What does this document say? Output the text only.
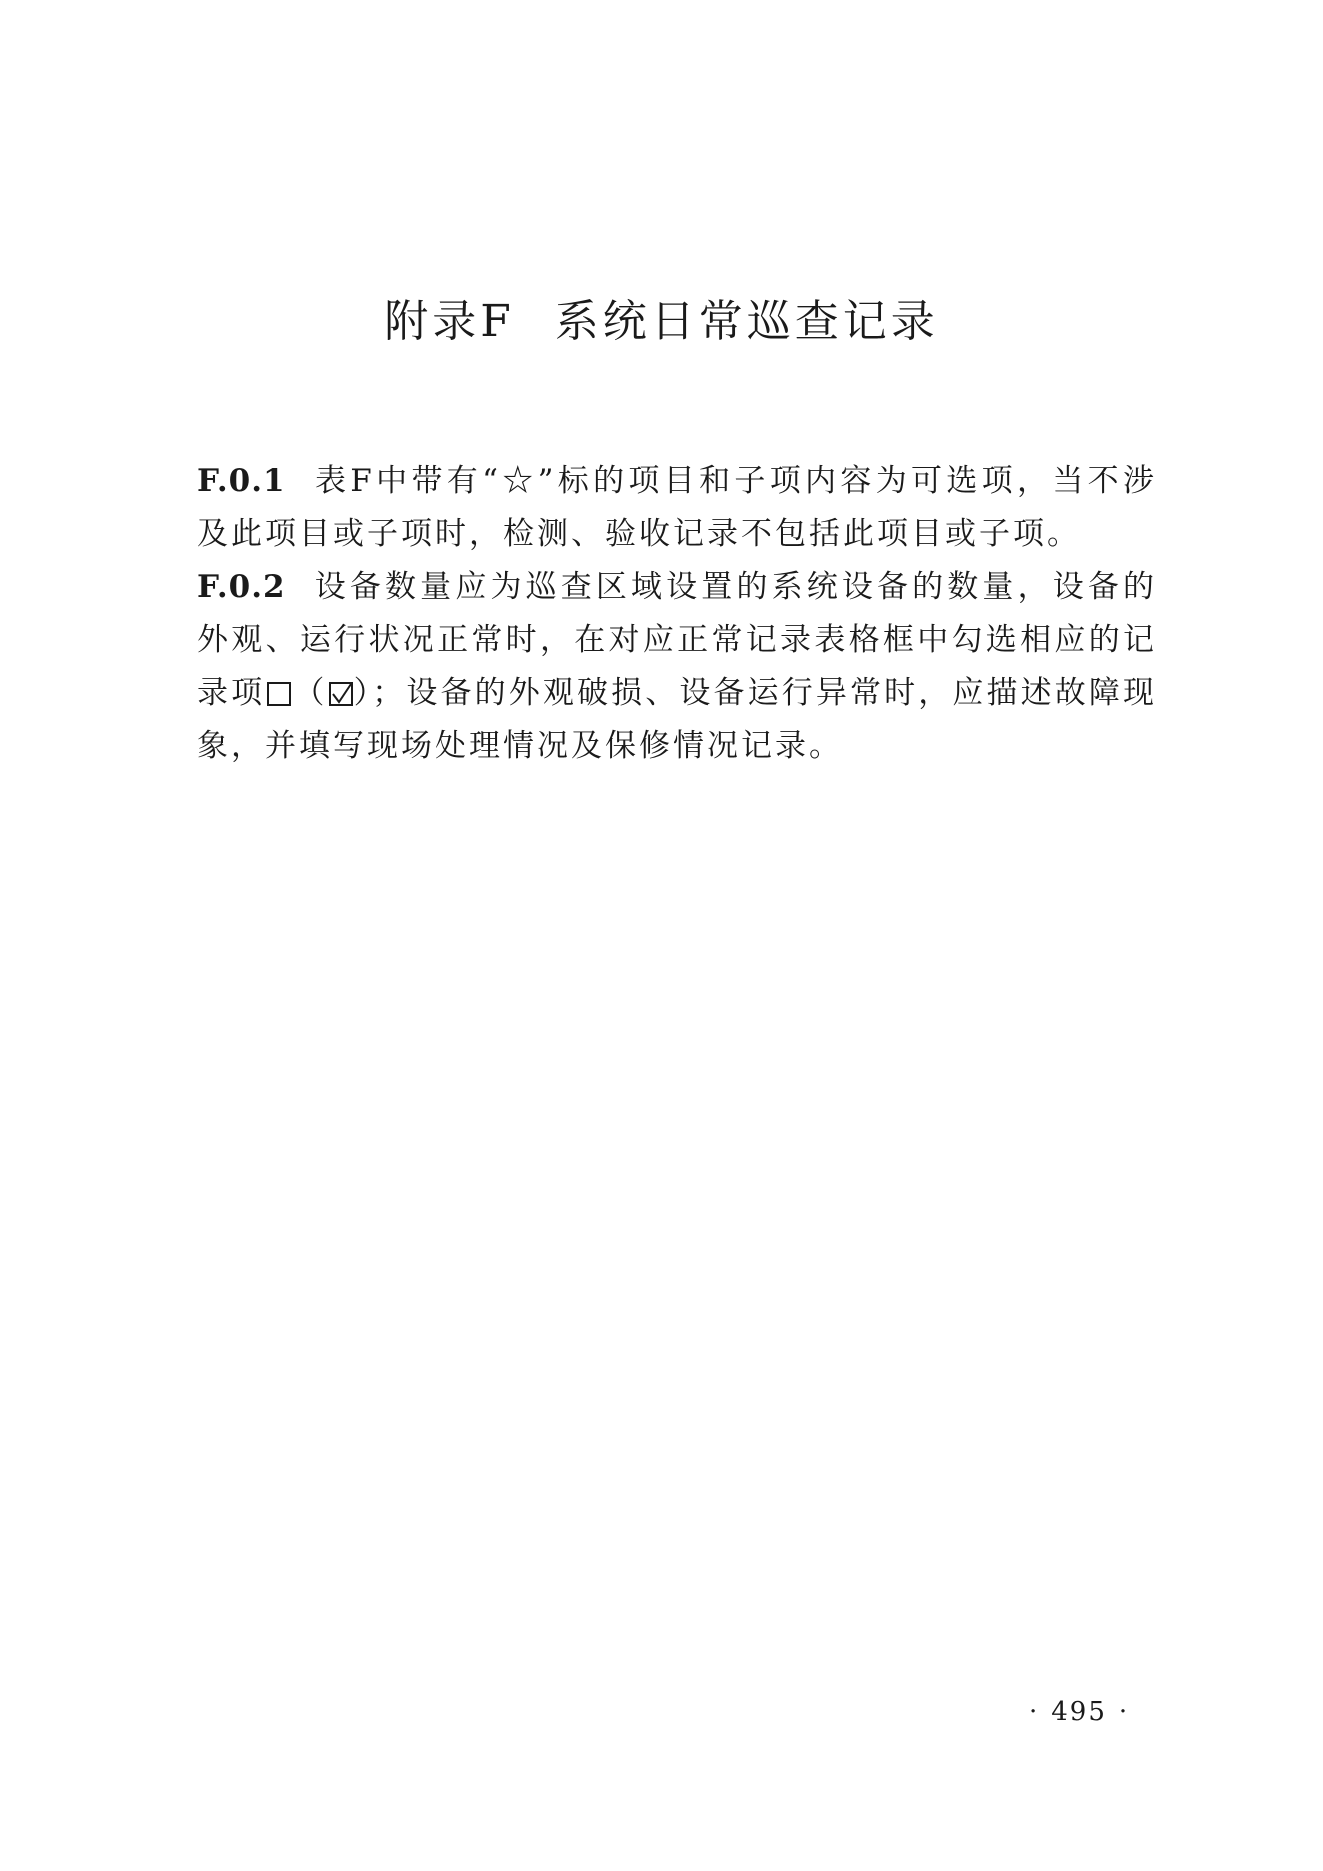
附录F 系统日常巡查记录

F.0.1 表F中带有“☆”标的项目和子项内容为可选项，当不涉及此项目或子项时，检测、验收记录不包括此项目或子项。

F.0.2 设备数量应为巡查区域设置的系统设备的数量，设备的外观、运行状况正常时，在对应正常记录表格框中勾选相应的记录项 （ ）；设备的外观破损、设备运行异常时，应描述故障现象，并填写现场处理情况及保修情况记录。

· 495 ·
